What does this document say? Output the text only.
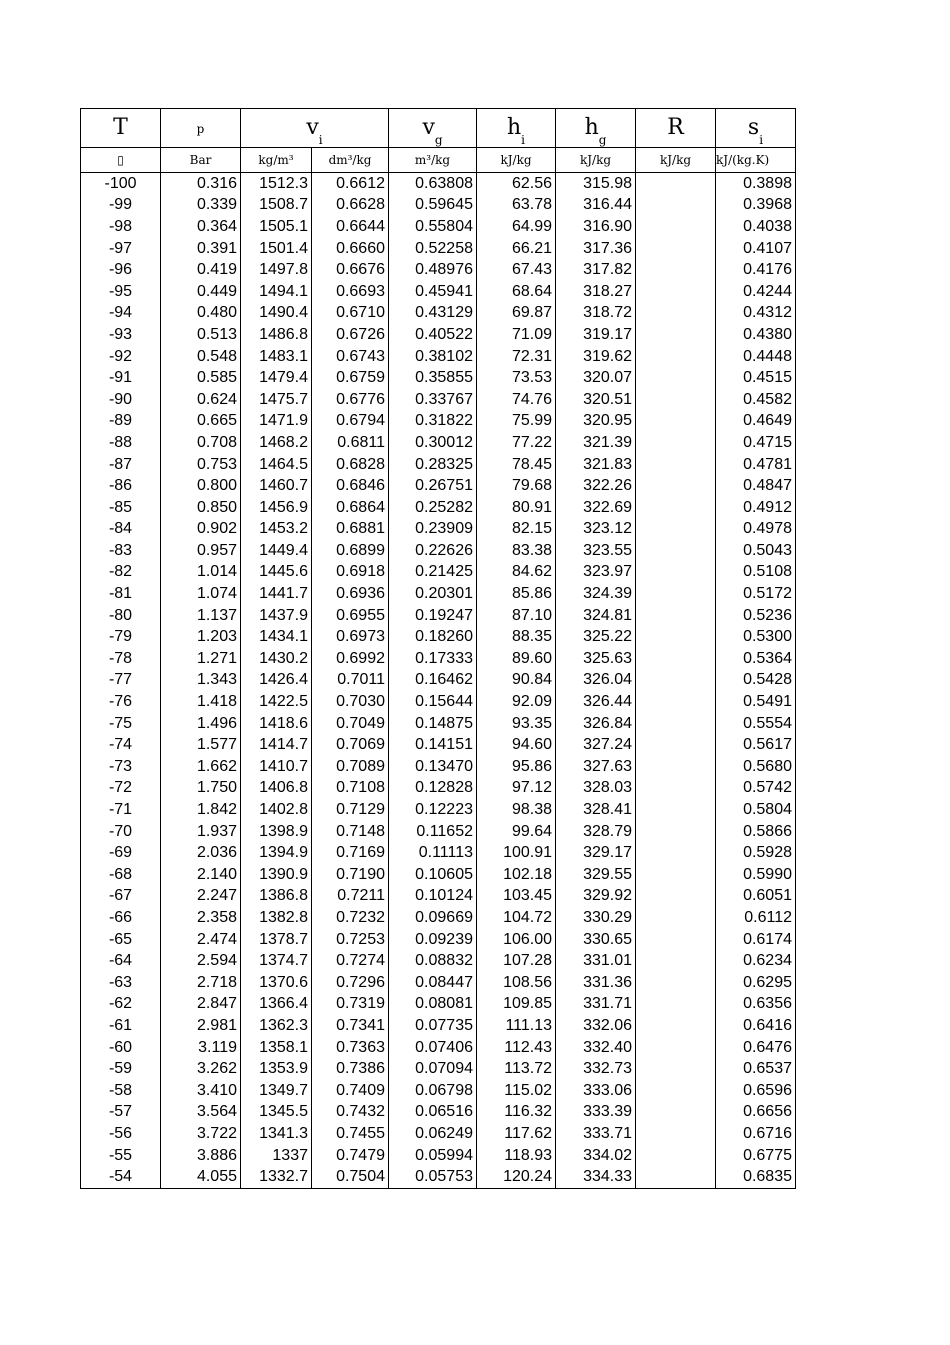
T	p	$v_i$		$v_g$	$h_i$	$h_g$	R	$s_i$
▯	Bar	kg/m³	dm³/kg	m³/kg	kJ/kg	kJ/kg	kJ/kg	kJ/(kg.K)
-100	0.316	1512.3	0.6612	0.63808	62.56	315.98		0.3898
-99	0.339	1508.7	0.6628	0.59645	63.78	316.44		0.3968
-98	0.364	1505.1	0.6644	0.55804	64.99	316.90		0.4038
-97	0.391	1501.4	0.6660	0.52258	66.21	317.36		0.4107
-96	0.419	1497.8	0.6676	0.48976	67.43	317.82		0.4176
-95	0.449	1494.1	0.6693	0.45941	68.64	318.27		0.4244
-94	0.480	1490.4	0.6710	0.43129	69.87	318.72		0.4312
-93	0.513	1486.8	0.6726	0.40522	71.09	319.17		0.4380
-92	0.548	1483.1	0.6743	0.38102	72.31	319.62		0.4448
-91	0.585	1479.4	0.6759	0.35855	73.53	320.07		0.4515
-90	0.624	1475.7	0.6776	0.33767	74.76	320.51		0.4582
-89	0.665	1471.9	0.6794	0.31822	75.99	320.95		0.4649
-88	0.708	1468.2	0.6811	0.30012	77.22	321.39		0.4715
-87	0.753	1464.5	0.6828	0.28325	78.45	321.83		0.4781
-86	0.800	1460.7	0.6846	0.26751	79.68	322.26		0.4847
-85	0.850	1456.9	0.6864	0.25282	80.91	322.69		0.4912
-84	0.902	1453.2	0.6881	0.23909	82.15	323.12		0.4978
-83	0.957	1449.4	0.6899	0.22626	83.38	323.55		0.5043
-82	1.014	1445.6	0.6918	0.21425	84.62	323.97		0.5108
-81	1.074	1441.7	0.6936	0.20301	85.86	324.39		0.5172
-80	1.137	1437.9	0.6955	0.19247	87.10	324.81		0.5236
-79	1.203	1434.1	0.6973	0.18260	88.35	325.22		0.5300
-78	1.271	1430.2	0.6992	0.17333	89.60	325.63		0.5364
-77	1.343	1426.4	0.7011	0.16462	90.84	326.04		0.5428
-76	1.418	1422.5	0.7030	0.15644	92.09	326.44		0.5491
-75	1.496	1418.6	0.7049	0.14875	93.35	326.84		0.5554
-74	1.577	1414.7	0.7069	0.14151	94.60	327.24		0.5617
-73	1.662	1410.7	0.7089	0.13470	95.86	327.63		0.5680
-72	1.750	1406.8	0.7108	0.12828	97.12	328.03		0.5742
-71	1.842	1402.8	0.7129	0.12223	98.38	328.41		0.5804
-70	1.937	1398.9	0.7148	0.11652	99.64	328.79		0.5866
-69	2.036	1394.9	0.7169	0.11113	100.91	329.17		0.5928
-68	2.140	1390.9	0.7190	0.10605	102.18	329.55		0.5990
-67	2.247	1386.8	0.7211	0.10124	103.45	329.92		0.6051
-66	2.358	1382.8	0.7232	0.09669	104.72	330.29		0.6112
-65	2.474	1378.7	0.7253	0.09239	106.00	330.65		0.6174
-64	2.594	1374.7	0.7274	0.08832	107.28	331.01		0.6234
-63	2.718	1370.6	0.7296	0.08447	108.56	331.36		0.6295
-62	2.847	1366.4	0.7319	0.08081	109.85	331.71		0.6356
-61	2.981	1362.3	0.7341	0.07735	111.13	332.06		0.6416
-60	3.119	1358.1	0.7363	0.07406	112.43	332.40		0.6476
-59	3.262	1353.9	0.7386	0.07094	113.72	332.73		0.6537
-58	3.410	1349.7	0.7409	0.06798	115.02	333.06		0.6596
-57	3.564	1345.5	0.7432	0.06516	116.32	333.39		0.6656
-56	3.722	1341.3	0.7455	0.06249	117.62	333.71		0.6716
-55	3.886	1337	0.7479	0.05994	118.93	334.02		0.6775
-54	4.055	1332.7	0.7504	0.05753	120.24	334.33		0.6835
